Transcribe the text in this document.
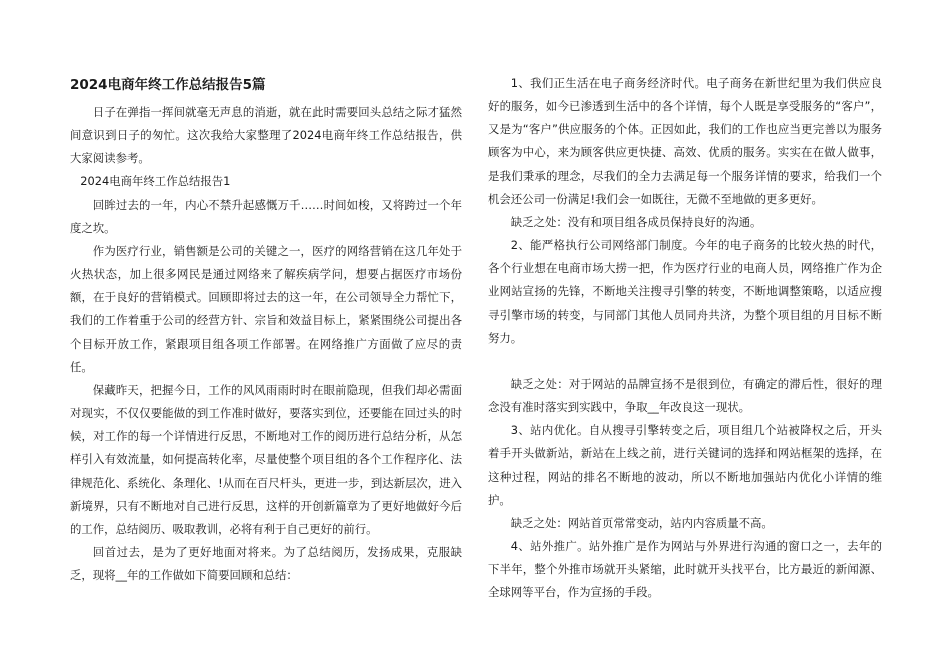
2024电商年终工作总结报告5篇

日子在弹指一挥间就毫无声息的消逝，就在此时需要回头总结之际才猛然间意识到日子的匆忙。这次我给大家整理了2024电商年终工作总结报告，供大家阅读参考。

2024电商年终工作总结报告1

回眸过去的一年，内心不禁升起感慨万千……时间如梭，又将跨过一个年度之坎。

作为医疗行业，销售额是公司的关键之一，医疗的网络营销在这几年处于火热状态，加上很多网民是通过网络来了解疾病学问，想要占据医疗市场份额，在于良好的营销模式。回顾即将过去的这一年，在公司领导全力帮忙下，我们的工作着重于公司的经营方针、宗旨和效益目标上，紧紧围绕公司提出各个目标开放工作，紧跟项目组各项工作部署。在网络推广方面做了应尽的责任。

保藏昨天，把握今日，工作的风风雨雨时时在眼前隐现，但我们却必需面对现实，不仅仅要能做的到工作准时做好，要落实到位，还要能在回过头的时候，对工作的每一个详情进行反思，不断地对工作的阅历进行总结分析，从怎样引入有效流量，如何提高转化率，尽量使整个项目组的各个工作程序化、法律规范化、系统化、条理化、!从而在百尺杆头，更进一步，到达新层次，进入新境界，只有不断地对自己进行反思，这样的开创新篇章为了更好地做好今后的工作，总结阅历、吸取教训，必将有利于自己更好的前行。

回首过去，是为了更好地面对将来。为了总结阅历，发扬成果，克服缺乏，现将__年的工作做如下简要回顾和总结：

1、我们正生活在电子商务经济时代。电子商务在新世纪里为我们供应良好的服务，如今已渗透到生活中的各个详情，每个人既是享受服务的“客户”，又是为“客户”供应服务的个体。正因如此，我们的工作也应当更完善以为服务顾客为中心，来为顾客供应更快捷、高效、优质的服务。实实在在做人做事，是我们秉承的理念，尽我们的全力去满足每一个服务详情的要求，给我们一个机会还公司一份满足!我们会一如既往，无微不至地做的更多更好。

缺乏之处：没有和项目组各成员保持良好的沟通。

2、能严格执行公司网络部门制度。今年的电子商务的比较火热的时代，各个行业想在电商市场大捞一把，作为医疗行业的电商人员，网络推广作为企业网站宣扬的先锋，不断地关注搜寻引擎的转变，不断地调整策略，以适应搜寻引擎市场的转变，与同部门其他人员同舟共济，为整个项目组的月目标不断努力。

缺乏之处：对于网站的品牌宣扬不是很到位，有确定的滞后性，很好的理念没有准时落实到实践中，争取__年改良这一现状。

3、站内优化。自从搜寻引擎转变之后，项目组几个站被降权之后，开头着手开头做新站，新站在上线之前，进行关键词的选择和网站框架的选择，在这种过程，网站的排名不断地的波动，所以不断地加强站内优化小详情的维护。

缺乏之处：网站首页常常变动，站内内容质量不高。

4、站外推广。站外推广是作为网站与外界进行沟通的窗口之一，去年的下半年，整个外推市场就开头紧缩，此时就开头找平台，比方最近的新闻源、全球网等平台，作为宣扬的手段。
